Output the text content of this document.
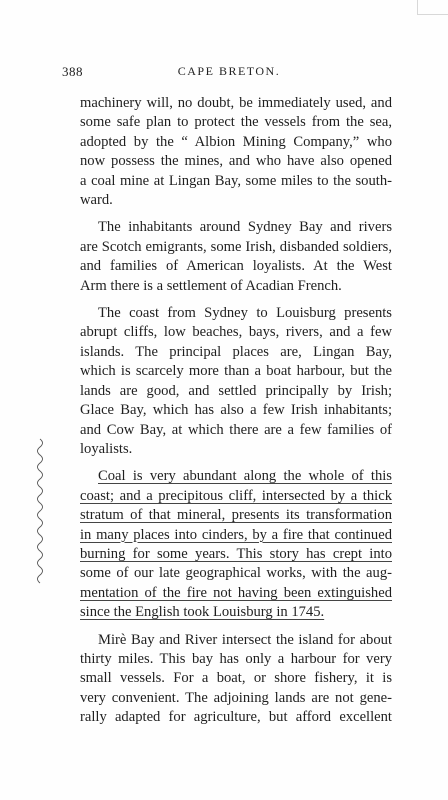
388	CAPE BRETON.

machinery will, no doubt, be immediately used, and
some safe plan to protect the vessels from the sea,
adopted by the “ Albion Mining Company,” who
now possess the mines, and who have also opened
a coal mine at Lingan Bay, some miles to the south-
ward.

The inhabitants around Sydney Bay and rivers
are Scotch emigrants, some Irish, disbanded soldiers,
and families of American loyalists. At the West
Arm there is a settlement of Acadian French.

The coast from Sydney to Louisburg presents
abrupt cliffs, low beaches, bays, rivers, and a few
islands. The principal places are, Lingan Bay,
which is scarcely more than a boat harbour, but the
lands are good, and settled principally by Irish;
Glace Bay, which has also a few Irish inhabitants;
and Cow Bay, at which there are a few families of
loyalists.

Coal is very abundant along the whole of this
coast; and a precipitous cliff, intersected by a thick
stratum of that mineral, presents its transformation
in many places into cinders, by a fire that continued
burning for some years. This story has crept into
some of our late geographical works, with the aug-
mentation of the fire not having been extinguished
since the English took Louisburg in 1745.

Mirè Bay and River intersect the island for about
thirty miles. This bay has only a harbour for very
small vessels. For a boat, or shore fishery, it is
very convenient. The adjoining lands are not gene-
rally adapted for agriculture, but afford excellent
